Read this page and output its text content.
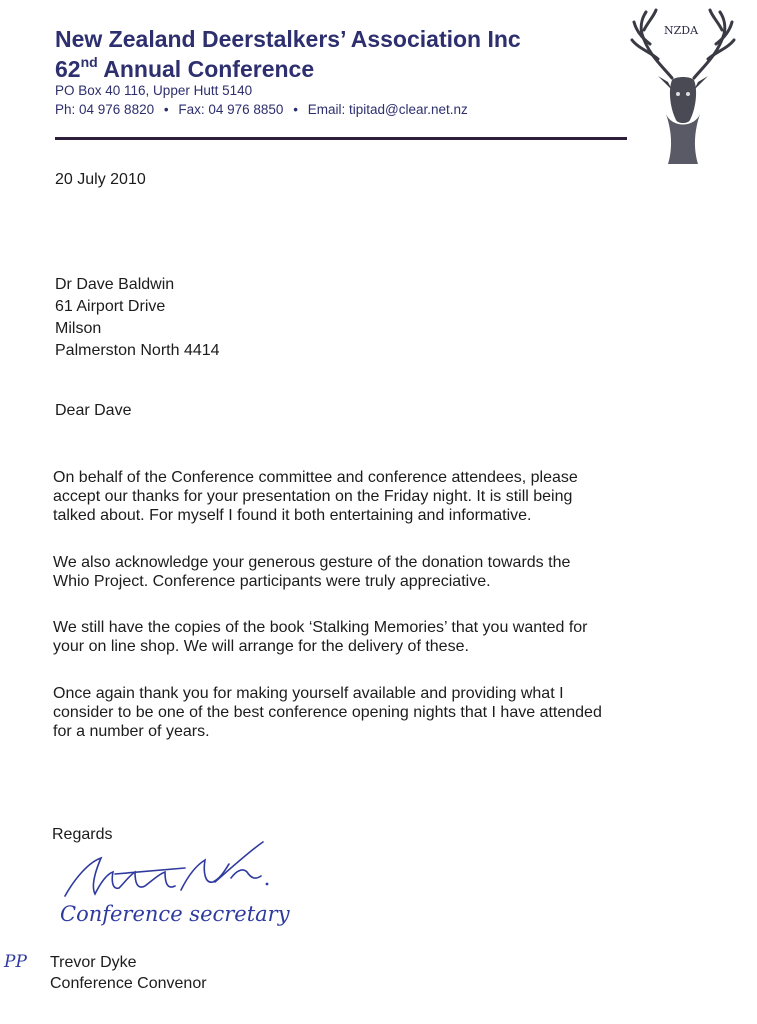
New Zealand Deerstalkers’ Association Inc
62nd Annual Conference
PO Box 40 116, Upper Hutt 5140
Ph: 04 976 8820 • Fax: 04 976 8850 • Email: tipitad@clear.net.nz
NZDA
20 July 2010
Dr Dave Baldwin
61 Airport Drive
Milson
Palmerston North 4414
Dear Dave
On behalf of the Conference committee and conference attendees, please
accept our thanks for your presentation on the Friday night. It is still being
talked about. For myself I found it both entertaining and informative.
We also acknowledge your generous gesture of the donation towards the
Whio Project. Conference participants were truly appreciative.
We still have the copies of the book ‘Stalking Memories’ that you wanted for
your on line shop. We will arrange for the delivery of these.
Once again thank you for making yourself available and providing what I
consider to be one of the best conference opening nights that I have attended
for a number of years.
Regards
Conference secretary
PP Trevor Dyke
Conference Convenor
